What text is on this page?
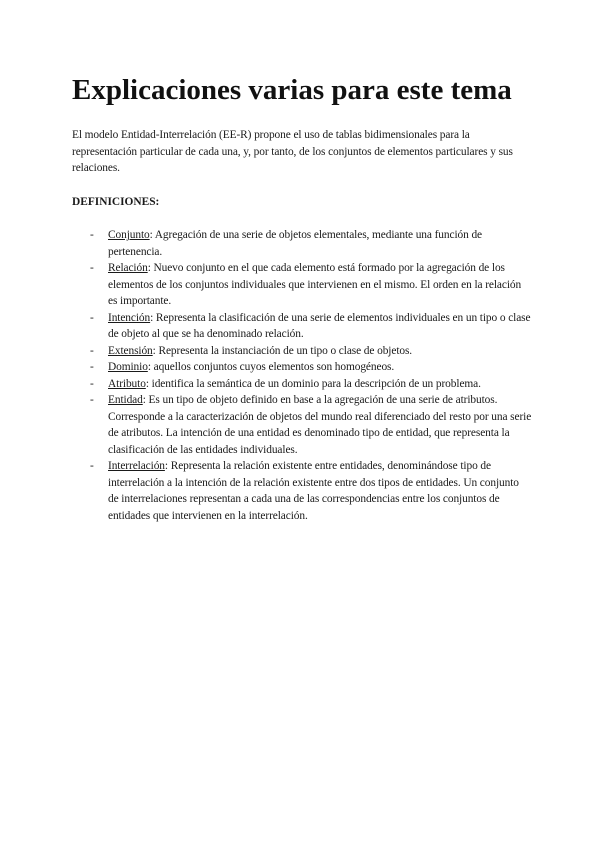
Explicaciones varias para este tema

El modelo Entidad-Interrelación (EE-R) propone el uso de tablas bidimensionales para la representación particular de cada una, y, por tanto, de los conjuntos de elementos particulares y sus relaciones.

DEFINICIONES:

- Conjunto: Agregación de una serie de objetos elementales, mediante una función de pertenencia.
- Relación: Nuevo conjunto en el que cada elemento está formado por la agregación de los elementos de los conjuntos individuales que intervienen en el mismo. El orden en la relación es importante.
- Intención: Representa la clasificación de una serie de elementos individuales en un tipo o clase de objeto al que se ha denominado relación.
- Extensión: Representa la instanciación de un tipo o clase de objetos.
- Dominio: aquellos conjuntos cuyos elementos son homogéneos.
- Atributo: identifica la semántica de un dominio para la descripción de un problema.
- Entidad: Es un tipo de objeto definido en base a la agregación de una serie de atributos. Corresponde a la caracterización de objetos del mundo real diferenciado del resto por una serie de atributos. La intención de una entidad es denominado tipo de entidad, que representa la clasificación de las entidades individuales.
- Interrelación: Representa la relación existente entre entidades, denominándose tipo de interrelación a la intención de la relación existente entre dos tipos de entidades. Un conjunto de interrelaciones representan a cada una de las correspondencias entre los conjuntos de entidades que intervienen en la interrelación.
